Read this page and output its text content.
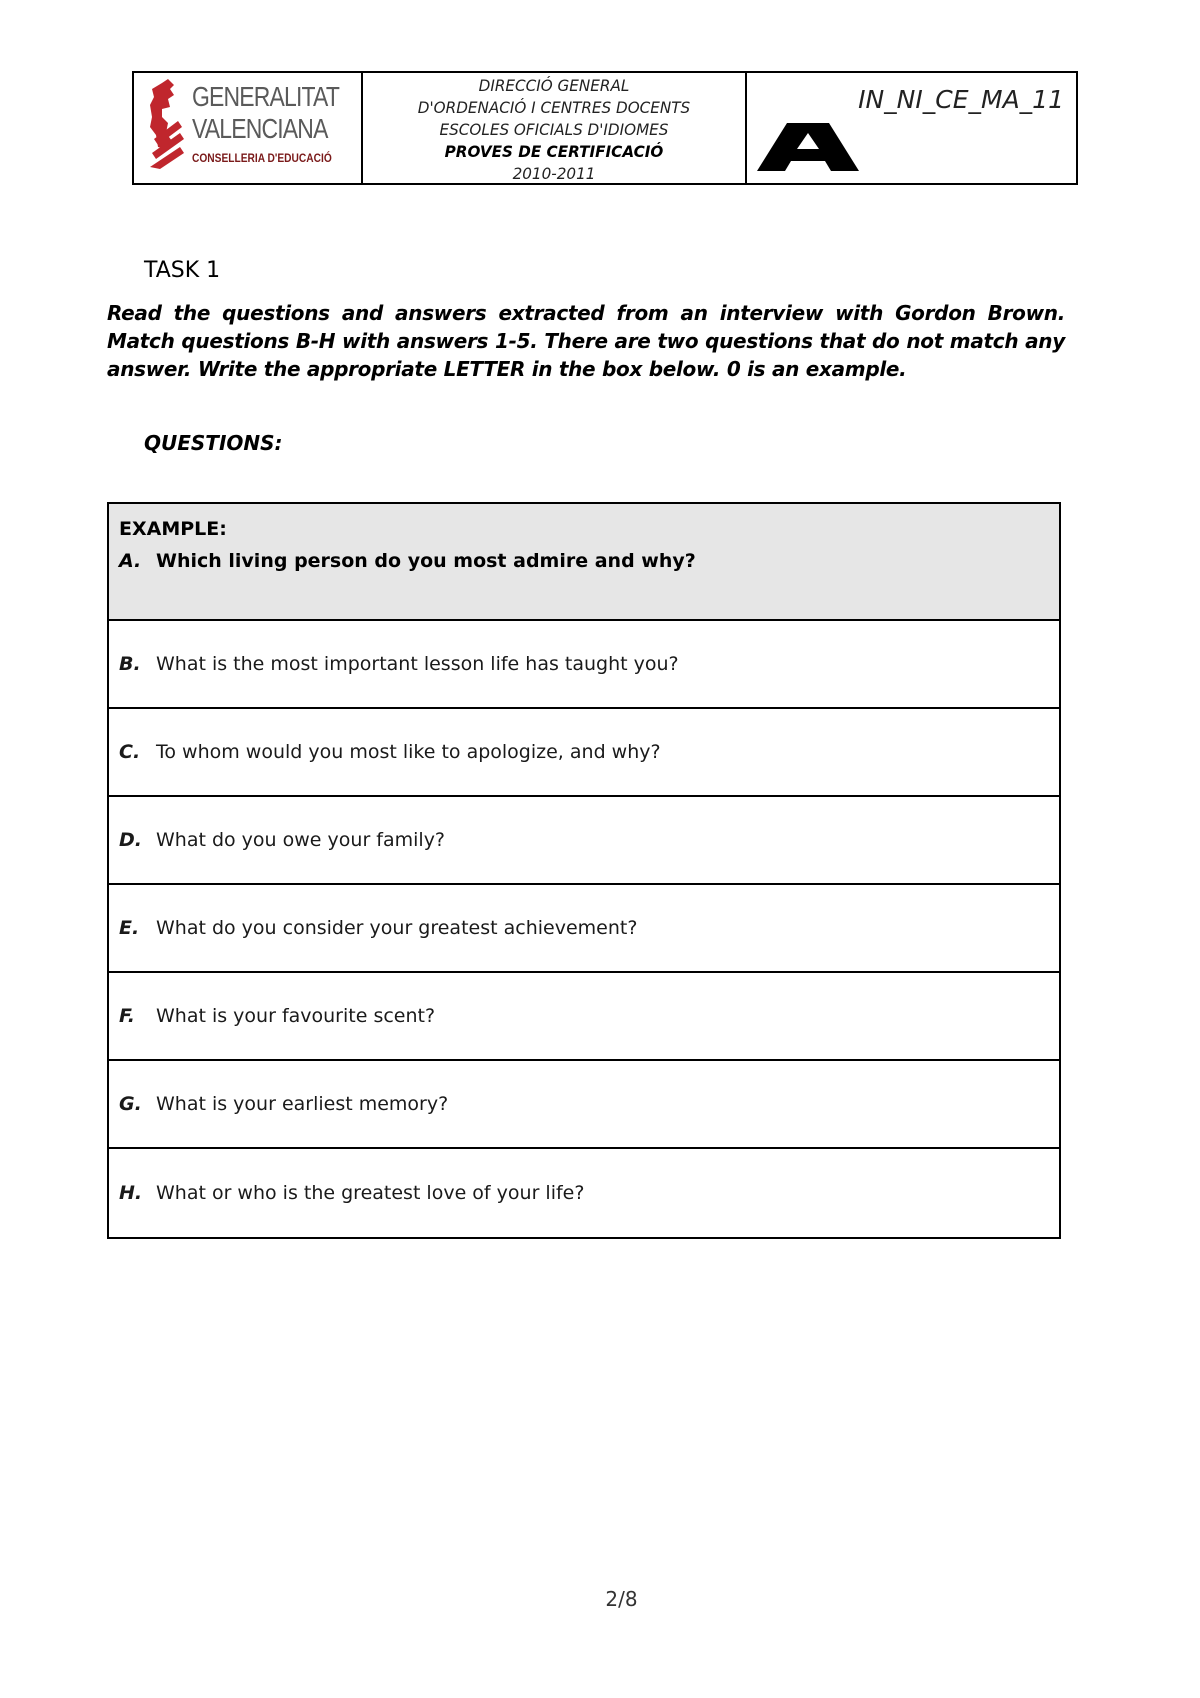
GENERALITAT
VALENCIANA
CONSELLERIA D'EDUCACIÓ
DIRECCIÓ GENERAL
D'ORDENACIÓ I CENTRES DOCENTS
ESCOLES OFICIALS D'IDIOMES
PROVES DE CERTIFICACIÓ
2010-2011
IN_NI_CE_MA_11
TASK 1
Read the questions and answers extracted from an interview with Gordon Brown. Match questions B-H with answers 1-5. There are two questions that do not match any answer. Write the appropriate LETTER in the box below. 0 is an example.
QUESTIONS:
EXAMPLE:
A. Which living person do you most admire and why?
B. What is the most important lesson life has taught you?
C. To whom would you most like to apologize, and why?
D. What do you owe your family?
E. What do you consider your greatest achievement?
F.	What is your favourite scent?
G. What is your earliest memory?
H. What or who is the greatest love of your life?
2/8
